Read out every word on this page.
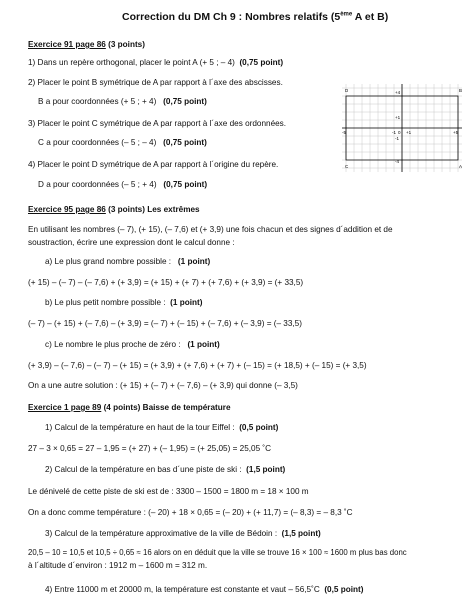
Correction du DM Ch 9 : Nombres relatifs (5ème A et B)
Exercice 91 page 86 (3 points)
1) Dans un repère orthogonal, placer le point A (+ 5 ; – 4) (0,75 point)
2) Placer le point B symétrique de A par rapport à l´axe des abscisses.
B a pour coordonnées (+ 5 ; + 4) (0,75 point)
3) Placer le point C symétrique de A par rapport à l´axe des ordonnées.
C a pour coordonnées (– 5 ; – 4) (0,75 point)
4) Placer le point D symétrique de A par rapport à l´origine du repère.
D a pour coordonnées (– 5 ; + 4) (0,75 point)
D	B
C	A
-5	-1 0 +1	+5
+4
+1
-1
-4
Exercice 95 page 86 (3 points) Les extrêmes
En utilisant les nombres (– 7), (+ 15), (– 7,6) et (+ 3,9) une fois chacun et des signes d´addition et de
soustraction, écrire une expression dont le calcul donne :
a) Le plus grand nombre possible : (1 point)
(+ 15) – (– 7) – (– 7,6) + (+ 3,9) = (+ 15) + (+ 7) + (+ 7,6) + (+ 3,9) = (+ 33,5)
b) Le plus petit nombre possible : (1 point)
(– 7) – (+ 15) + (– 7,6) – (+ 3,9) = (– 7) + (– 15) + (– 7,6) + (– 3,9) = (– 33,5)
c) Le nombre le plus proche de zéro : (1 point)
(+ 3,9) – (– 7,6) – (– 7) – (+ 15) = (+ 3,9) + (+ 7,6) + (+ 7) + (– 15) = (+ 18,5) + (– 15) = (+ 3,5)
On a une autre solution : (+ 15) + (– 7) + (– 7,6) – (+ 3,9) qui donne (– 3,5)
Exercice 1 page 89 (4 points) Baisse de température
1) Calcul de la température en haut de la tour Eiffel : (0,5 point)
27 – 3 × 0,65 = 27 – 1,95 = (+ 27) + (– 1,95) = (+ 25,05) = 25,05 ˚C
2) Calcul de la température en bas d´une piste de ski : (1,5 point)
Le dénivelé de cette piste de ski est de : 3300 – 1500 = 1800 m = 18 × 100 m
On a donc comme température : (– 20) + 18 × 0,65 = (– 20) + (+ 11,7) = (– 8,3) = – 8,3 ˚C
3) Calcul de la température approximative de la ville de Bédoin : (1,5 point)
20,5 – 10 = 10,5 et 10,5 ÷ 0,65 ≈ 16 alors on en déduit que la ville se trouve 16 × 100 ≈ 1600 m plus bas donc
à l´altitude d´environ : 1912 m – 1600 m = 312 m.
4) Entre 11000 m et 20000 m, la température est constante et vaut – 56,5˚C (0,5 point)
